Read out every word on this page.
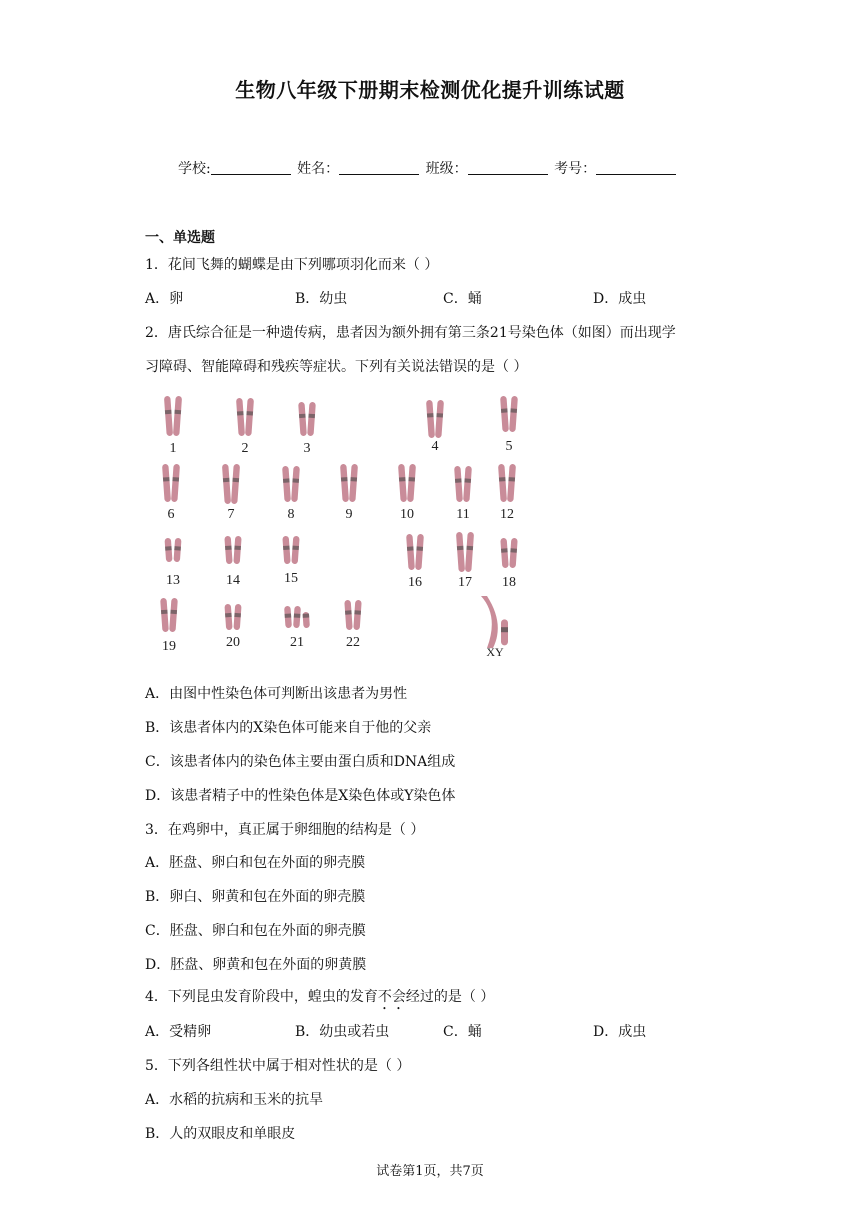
生物八年级下册期末检测优化提升训练试题
学校:	姓名：	班级：	考号：

一、单选题

1．花间飞舞的蝴蝶是由下列哪项羽化而来（ ）

A．卵	B．幼虫	C．蛹	D．成虫

2．唐氏综合征是一种遗传病，患者因为额外拥有第三条21号染色体（如图）而出现学

习障碍、智能障碍和残疾等症状。下列有关说法错误的是（ ）

1	2	3	4	5
6	7	8	9	10	11 12
13	14	15	16	17 18
19	20	21	22
XY

A．由图中性染色体可判断出该患者为男性

B．该患者体内的X染色体可能来自于他的父亲

C．该患者体内的染色体主要由蛋白质和DNA组成

D．该患者精子中的性染色体是X染色体或Y染色体

3．在鸡卵中，真正属于卵细胞的结构是（ ）

A．胚盘、卵白和包在外面的卵壳膜

B．卵白、卵黄和包在外面的卵壳膜

C．胚盘、卵白和包在外面的卵壳膜

D．胚盘、卵黄和包在外面的卵黄膜

4．下列昆虫发育阶段中，蝗虫的发育不会经过的是（ ）

A．受精卵	B．幼虫或若虫	C．蛹	D．成虫

5．下列各组性状中属于相对性状的是（ ）

A．水稻的抗病和玉米的抗旱

B．人的双眼皮和单眼皮

试卷第1页，共7页
